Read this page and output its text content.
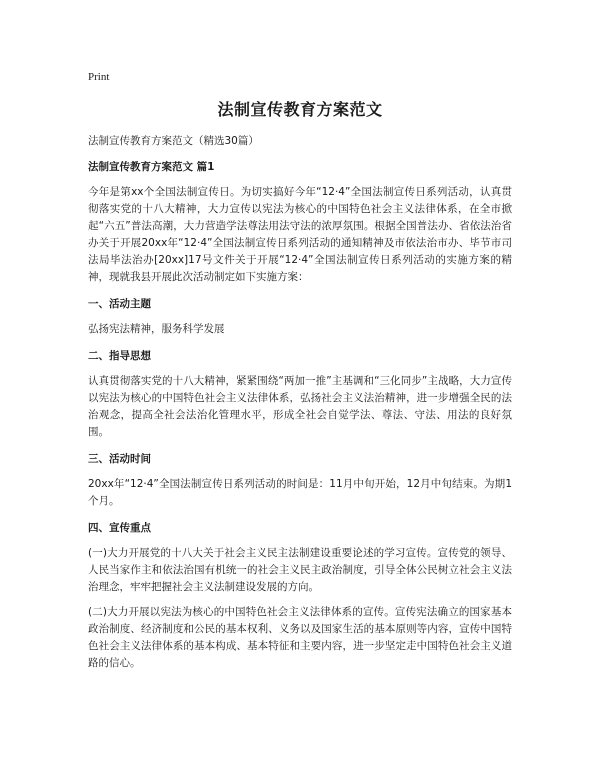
Print
法制宣传教育方案范文
法制宣传教育方案范文（精选30篇）
法制宣传教育方案范文 篇1
今年是第xx个全国法制宣传日。为切实搞好今年“12·4”全国法制宣传日系列活动，认真贯彻落实党的十八大精神，大力宣传以宪法为核心的中国特色社会主义法律体系，在全市掀起“六五”普法高潮，大力营造学法尊法用法守法的浓厚氛围。根据全国普法办、省依法治省办关于开展20xx年“12·4”全国法制宣传日系列活动的通知精神及市依法治市办、毕节市司法局毕法治办[20xx]17号文件关于开展“12·4”全国法制宣传日系列活动的实施方案的精神，现就我县开展此次活动制定如下实施方案：
一、活动主题
弘扬宪法精神，服务科学发展
二、指导思想
认真贯彻落实党的十八大精神，紧紧围绕“两加一推”主基调和“三化同步”主战略，大力宣传以宪法为核心的中国特色社会主义法律体系，弘扬社会主义法治精神，进一步增强全民的法治观念，提高全社会法治化管理水平，形成全社会自觉学法、尊法、守法、用法的良好氛围。
三、活动时间
20xx年“12·4”全国法制宣传日系列活动的时间是：11月中旬开始，12月中旬结束。为期1个月。
四、宣传重点
(一)大力开展党的十八大关于社会主义民主法制建设重要论述的学习宣传。宣传党的领导、人民当家作主和依法治国有机统一的社会主义民主政治制度，引导全体公民树立社会主义法治理念，牢牢把握社会主义法制建设发展的方向。
(二)大力开展以宪法为核心的中国特色社会主义法律体系的宣传。宣传宪法确立的国家基本政治制度、经济制度和公民的基本权利、义务以及国家生活的基本原则等内容，宣传中国特色社会主义法律体系的基本构成、基本特征和主要内容，进一步坚定走中国特色社会主义道路的信心。
